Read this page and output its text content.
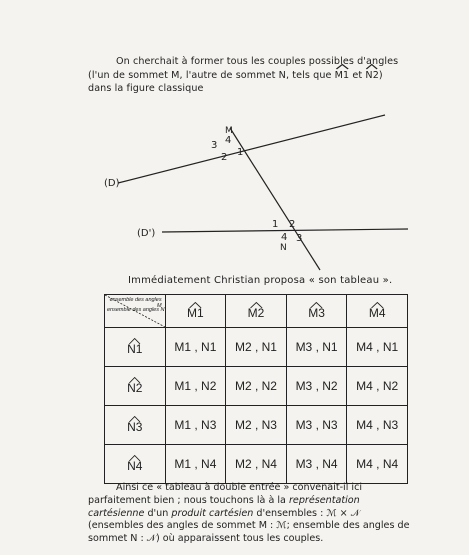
On cherchait à former tous les couples possibles d'angles

(l'un de sommet M, l'autre de sommet N, tels que
M1 et
N2)

dans la figure classique

(D)
(D')
M
4
3
1
2
1 2
4 3
N
Immédiatement Christian proposa « son tableau ».
ensemble des angles M
ensemble des angles N	M1	M2	M3	M4

N1	M1 , N1	M2 , N1	M3 , N1	M4 , N1

N2	M1 , N2	M2 , N2	M3 , N2	M4 , N2

N3	M1 , N3	M2 , N3	M3 , N3	M4 , N3

N4	M1 , N4	M2 , N4	M3 , N4	M4 , N4

Ainsi ce « tableau à double entrée » convenait-il ici parfaitement bien ; nous touchons là à la représentation cartésienne d'un produit cartésien d'ensembles : ℳ × 𝒩 (ensembles des angles de sommet M : ℳ; ensemble des angles de sommet N : 𝒩) où apparaissent tous les couples.
